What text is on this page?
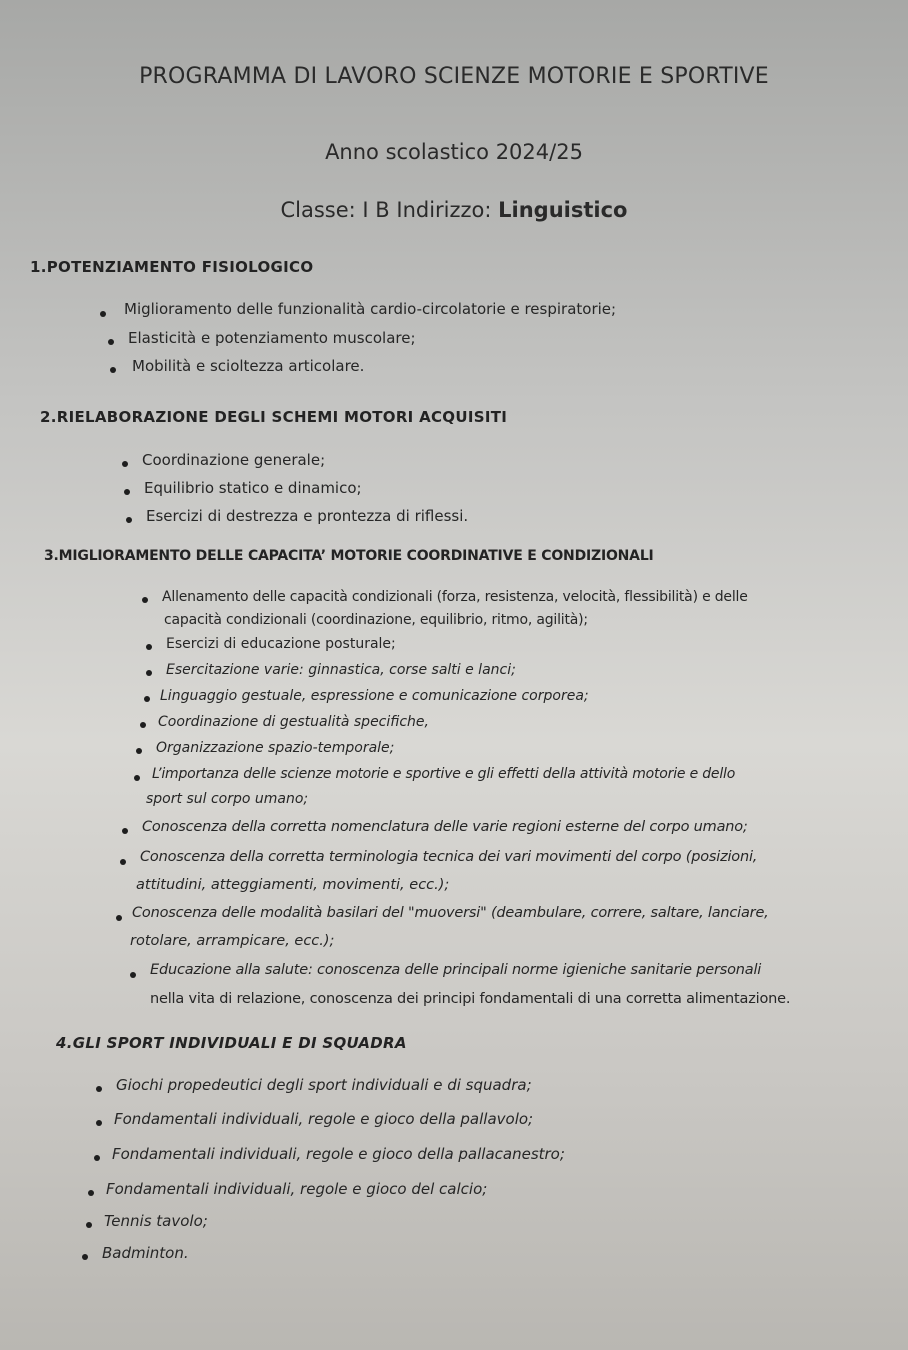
PROGRAMMA DI LAVORO SCIENZE MOTORIE E SPORTIVE
Anno scolastico 2024/25
Classe: I B Indirizzo: Linguistico
1.POTENZIAMENTO FISIOLOGICO
Miglioramento delle funzionalità cardio-circolatorie e respiratorie;
Elasticità e potenziamento muscolare;
Mobilità e scioltezza articolare.
2.RIELABORAZIONE DEGLI SCHEMI MOTORI ACQUISITI
Coordinazione generale;
Equilibrio statico e dinamico;
Esercizi di destrezza e prontezza di riflessi.
3.MIGLIORAMENTO DELLE CAPACITA’ MOTORIE COORDINATIVE E CONDIZIONALI
Allenamento delle capacità condizionali (forza, resistenza, velocità, flessibilità) e delle
capacità condizionali (coordinazione, equilibrio, ritmo, agilità);
Esercizi di educazione posturale;
Esercitazione varie: ginnastica, corse salti e lanci;
Linguaggio gestuale, espressione e comunicazione corporea;
Coordinazione di gestualità specifiche,
Organizzazione spazio-temporale;
L’importanza delle scienze motorie e sportive e gli effetti della attività motorie e dello
sport sul corpo umano;
Conoscenza della corretta nomenclatura delle varie regioni esterne del corpo umano;
Conoscenza della corretta terminologia tecnica dei vari movimenti del corpo (posizioni,
attitudini, atteggiamenti, movimenti, ecc.);
Conoscenza delle modalità basilari del "muoversi" (deambulare, correre, saltare, lanciare,
rotolare, arrampicare, ecc.);
Educazione alla salute: conoscenza delle principali norme igieniche sanitarie personali
nella vita di relazione, conoscenza dei principi fondamentali di una corretta alimentazione.
4.GLI SPORT INDIVIDUALI E DI SQUADRA
Giochi propedeutici degli sport individuali e di squadra;
Fondamentali individuali, regole e gioco della pallavolo;
Fondamentali individuali, regole e gioco della pallacanestro;
Fondamentali individuali, regole e gioco del calcio;
Tennis tavolo;
Badminton.
